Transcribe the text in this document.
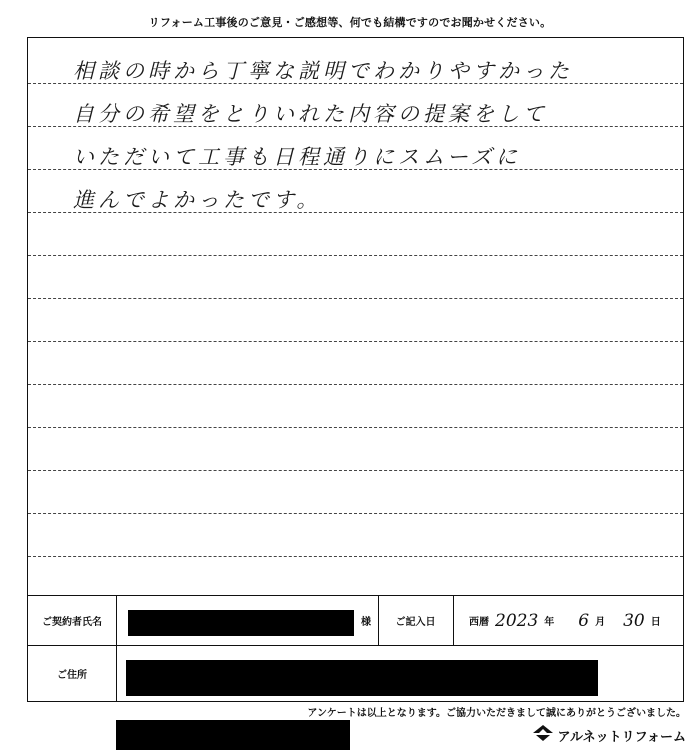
リフォーム工事後のご意見・ご感想等、何でも結構ですのでお聞かせください。
相談の時から丁寧な説明でわかりやすかった
自分の希望をとりいれた内容の提案をして
いただいて工事も日程通りにスムーズに
進んでよかったです。
ご契約者氏名	様	ご記入日	西暦 2023 年 6 月 30 日
ご住所
アンケートは以上となります。ご協力いただきまして誠にありがとうございました。
アルネットリフォーム
